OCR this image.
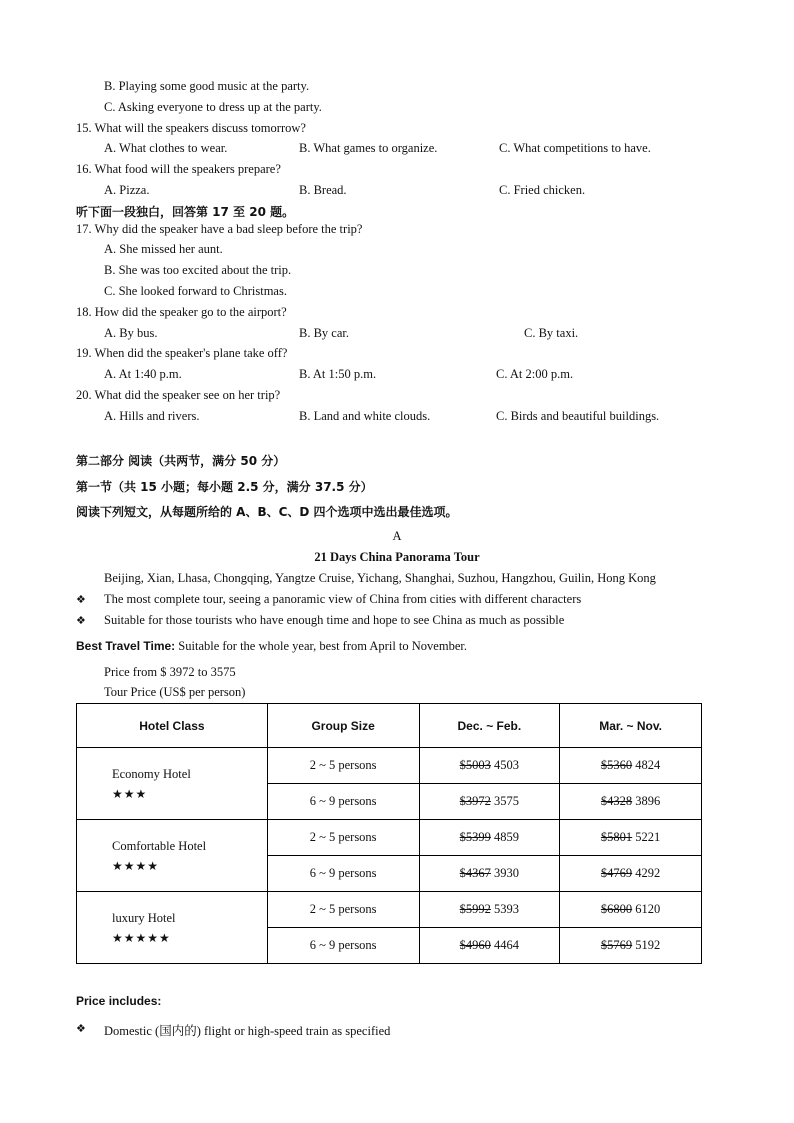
B. Playing some good music at the party.
C. Asking everyone to dress up at the party.
15. What will the speakers discuss tomorrow?
A. What clothes to wear.	B. What games to organize.	C. What competitions to have.
16. What food will the speakers prepare?
A. Pizza.	B. Bread.	C. Fried chicken.
听下面一段独白，回答第 17 至 20 题。
17. Why did the speaker have a bad sleep before the trip?
A. She missed her aunt.
B. She was too excited about the trip.
C. She looked forward to Christmas.
18. How did the speaker go to the airport?
A. By bus.	B. By car.	C. By taxi.
19. When did the speaker's plane take off?
A. At 1:40 p.m.	B. At 1:50 p.m.	C. At 2:00 p.m.
20. What did the speaker see on her trip?
A. Hills and rivers.	B. Land and white clouds.	C. Birds and beautiful buildings.
第二部分 阅读（共两节，满分 50 分）
第一节（共 15 小题；每小题 2.5 分，满分 37.5 分）
阅读下列短文，从每题所给的 A、B、C、D 四个选项中选出最佳选项。
A
21 Days China Panorama Tour
Beijing, Xian, Lhasa, Chongqing, Yangtze Cruise, Yichang, Shanghai, Suzhou, Hangzhou, Guilin, Hong Kong
❖ The most complete tour, seeing a panoramic view of China from cities with different characters
❖ Suitable for those tourists who have enough time and hope to see China as much as possible
Best Travel Time: Suitable for the whole year, best from April to November.
Price from $ 3972 to 3575
Tour Price (US$ per person)
Hotel Class	Group Size	Dec. ~ Feb.	Mar. ~ Nov.

Economy Hotel
★★★	2 ~ 5 persons	$5003 4503	$5360 4824
	6 ~ 9 persons	$3972 3575	$4328 3896

Comfortable Hotel
★★★★	2 ~ 5 persons	$5399 4859	$5801 5221
	6 ~ 9 persons	$4367 3930	$4769 4292

luxury Hotel
★★★★★	2 ~ 5 persons	$5992 5393	$6800 6120
	6 ~ 9 persons	$4960 4464	$5769 5192
Price includes:
❖ Domestic (国内的) flight or high-speed train as specified
